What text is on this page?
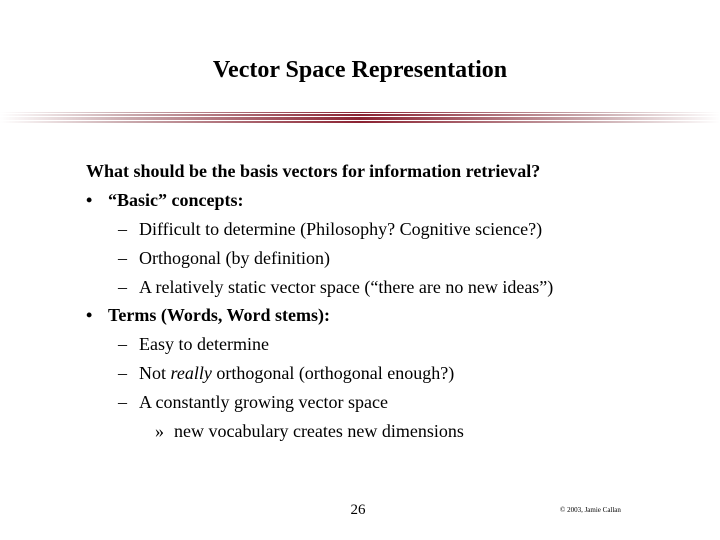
Vector Space Representation
What should be the basis vectors for information retrieval?
• “Basic” concepts:
– Difficult to determine (Philosophy? Cognitive science?)
– Orthogonal (by definition)
– A relatively static vector space (“there are no new ideas”)
• Terms (Words, Word stems):
– Easy to determine
– Not really orthogonal (orthogonal enough?)
– A constantly growing vector space
» new vocabulary creates new dimensions
26	© 2003, Jamie Callan
